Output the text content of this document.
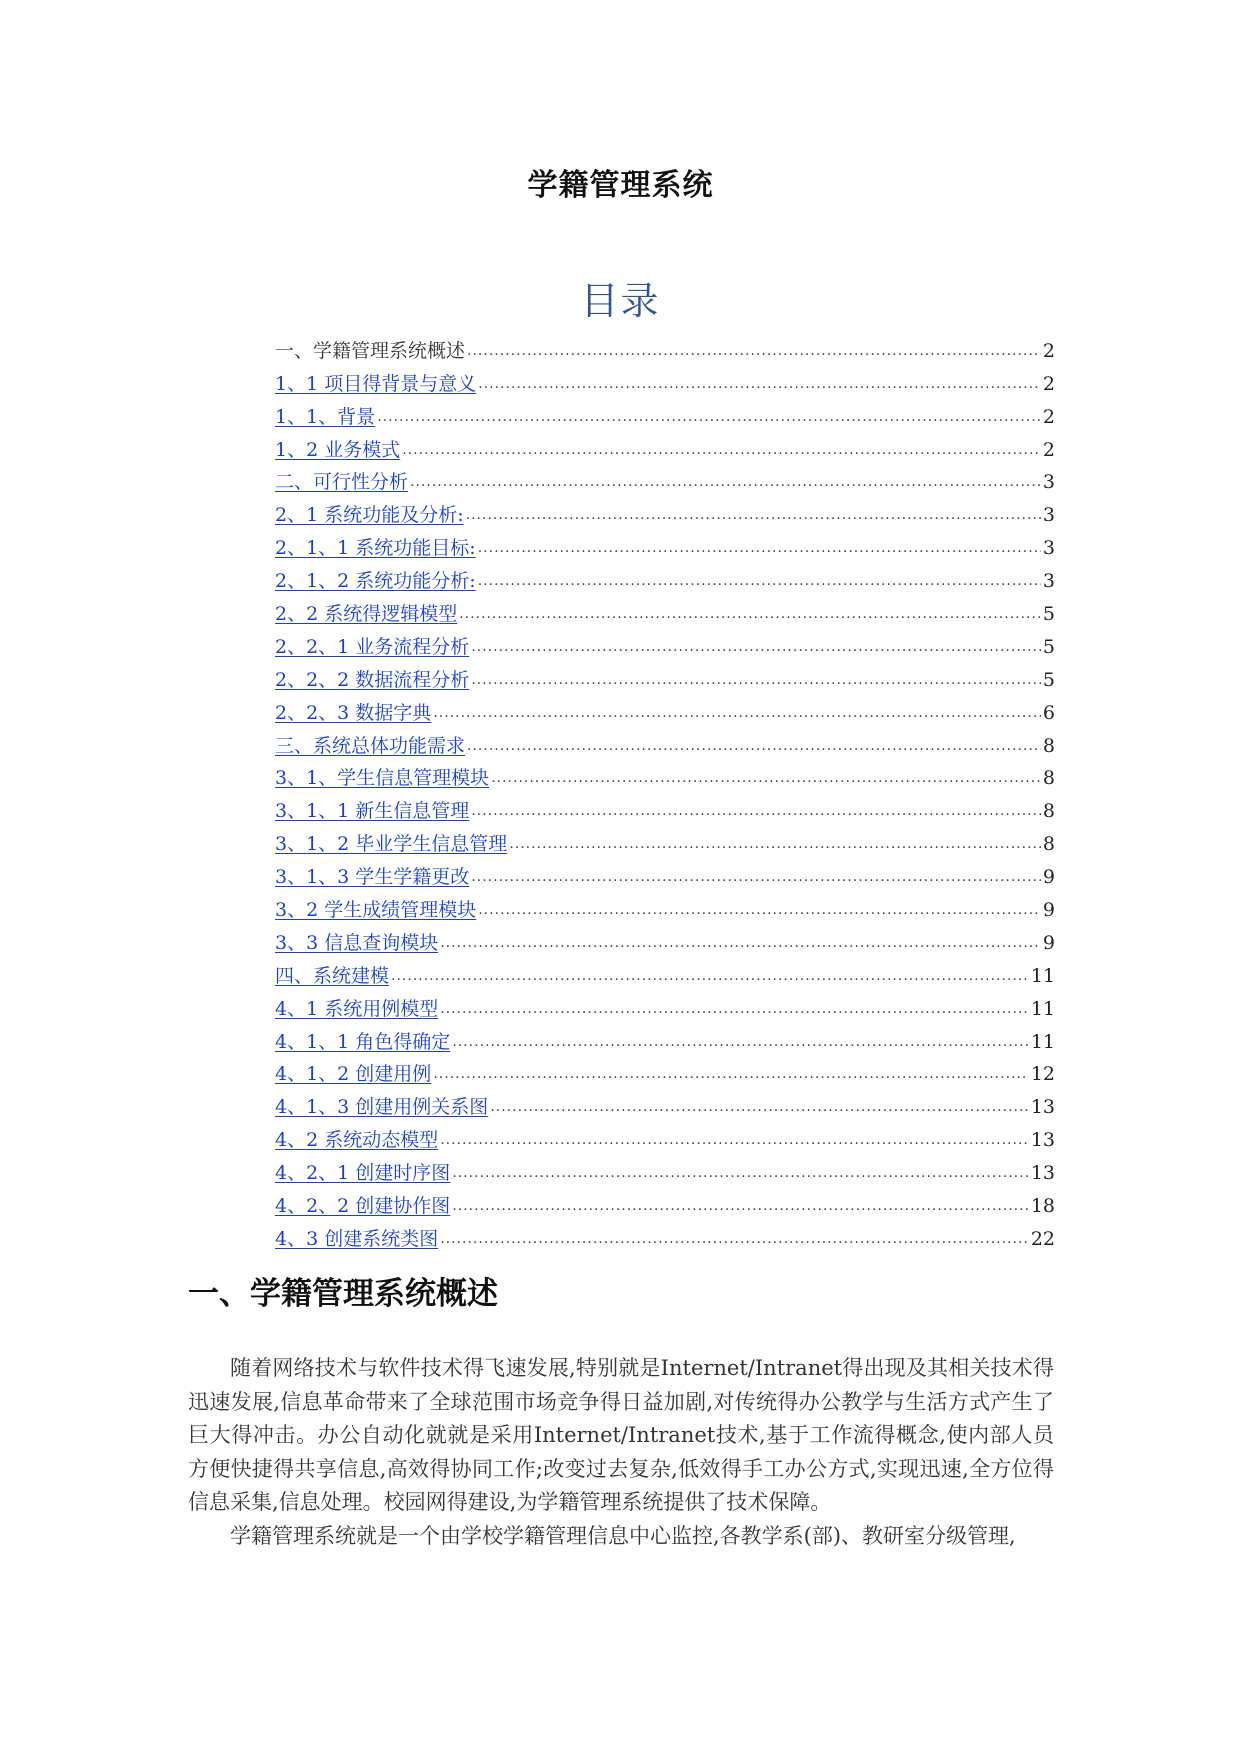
学籍管理系统
目录
一、学籍管理系统概述 .....	2
1、1 项目得背景与意义 .....	2
1、1、背景 .....	2
1、2 业务模式 .....	2
二、可行性分析 .....	3
2、1 系统功能及分析: .....	3
2、1、1 系统功能目标: .....	3
2、1、2 系统功能分析: .....	3
2、2 系统得逻辑模型 .....	5
2、2、1 业务流程分析 .....	5
2、2、2 数据流程分析 .....	5
2、2、3 数据字典 .....	6
三、系统总体功能需求 .....	8
3、1、学生信息管理模块 .....	8
3、1、1 新生信息管理 .....	8
3、1、2 毕业学生信息管理 .....	8
3、1、3 学生学籍更改 .....	9
3、2 学生成绩管理模块 .....	9
3、3 信息查询模块 .....	9
四、系统建模 .....	11
4、1 系统用例模型 .....	11
4、1、1 角色得确定 .....	11
4、1、2 创建用例 .....	12
4、1、3 创建用例关系图 .....	13
4、2 系统动态模型 .....	13
4、2、1 创建时序图 .....	13
4、2、2 创建协作图 .....	18
4、3 创建系统类图 .....	22
一、学籍管理系统概述

随着网络技术与软件技术得飞速发展,特别就是Internet/Intranet得出现及其相关技术得迅速发展,信息革命带来了全球范围市场竞争得日益加剧,对传统得办公教学与生活方式产生了巨大得冲击。办公自动化就就是采用Internet/Intranet技术,基于工作流得概念,使内部人员方便快捷得共享信息,高效得协同工作;改变过去复杂,低效得手工办公方式,实现迅速,全方位得信息采集,信息处理。校园网得建设,为学籍管理系统提供了技术保障。

学籍管理系统就是一个由学校学籍管理信息中心监控,各教学系(部)、教研室分级管理,
